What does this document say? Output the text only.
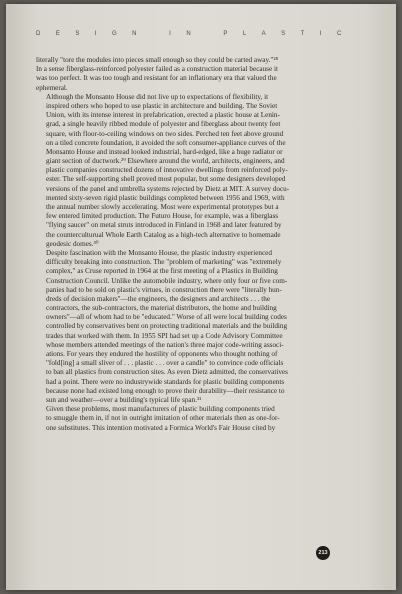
DESIGN IN PLASTIC

literally "tore the modules into pieces small enough so they could be carted away."²⁸
In a sense fiberglass-reinforced polyester failed as a construction material because it
was too perfect. It was too tough and resistant for an inflationary era that valued the
ephemeral.

Although the Monsanto House did not live up to expectations of flexibility, it
inspired others who hoped to use plastic in architecture and building. The Soviet
Union, with its intense interest in prefabrication, erected a plastic house at Lenin-
grad, a single heavily ribbed module of polyester and fiberglass about twenty feet
square, with floor-to-ceiling windows on two sides. Perched ten feet above ground
on a tiled concrete foundation, it avoided the soft consumer-appliance curves of the
Monsanto House and instead looked industrial, hard-edged, like a huge radiator or
giant section of ductwork.²⁹ Elsewhere around the world, architects, engineers, and
plastic companies constructed dozens of innovative dwellings from reinforced poly-
ester. The self-supporting shell proved most popular, but some designers developed
versions of the panel and umbrella systems rejected by Dietz at MIT. A survey docu-
mented sixty-seven rigid plastic buildings completed between 1956 and 1969, with
the annual number slowly accelerating. Most were experimental prototypes but a
few entered limited production. The Futuro House, for example, was a fiberglass
"flying saucer" on metal struts introduced in Finland in 1968 and later featured by
the counterculturual Whole Earth Catalog as a high-tech alternative to homemade
geodesic domes.³⁰

Despite fascination with the Monsanto House, the plastic industry experienced
difficulty breaking into construction. The "problem of marketing" was "extremely
complex," as Cruse reported in 1964 at the first meeting of a Plastics in Building
Construction Council. Unlike the automobile industry, where only four or five com-
panies had to be sold on plastic's virtues, in construction there were "literally hun-
dreds of decision makers"—the engineers, the designers and architects . . . the
contractors, the sub-contractors, the material distributors, the home and building
owners"—all of whom had to be "educated." Worse of all were local building codes
controlled by conservatives bent on protecting traditional materials and the building
trades that worked with them. In 1955 SPI had set up a Code Advisory Committee
whose members attended meetings of the nation's three major code-writing associ-
ations. For years they endured the hostility of opponents who thought nothing of
"fold[ing] a small sliver of . . . plastic . . . over a candle" to convince code officials
to ban all plastics from construction sites. As even Dietz admitted, the conservatives
had a point. There were no industrywide standards for plastic building components
because none had existed long enough to prove their durability—their resistance to
sun and weather—over a building's typical life span.³¹

Given these problems, most manufacturers of plastic building components tried
to smuggle them in, if not in outright imitation of other materials then as one-for-
one substitutes. This intention motivated a Formica World's Fair House cited by

213
